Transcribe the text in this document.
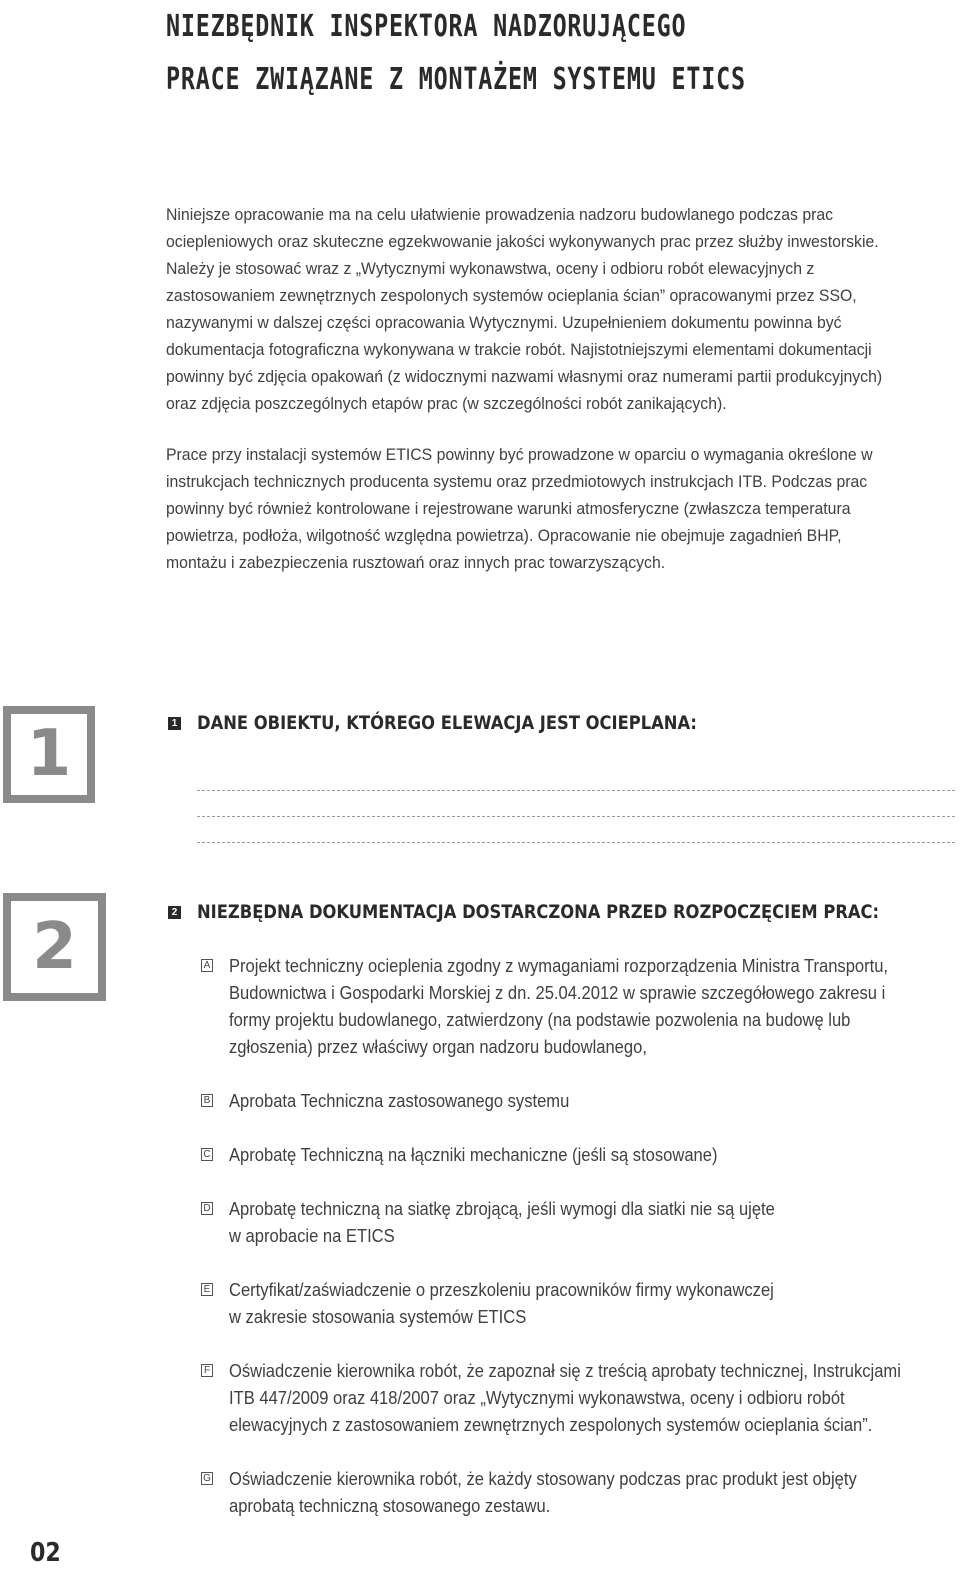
NIEZBĘDNIK INSPEKTORA NADZORUJĄCEGO
PRACE ZWIĄZANE Z MONTAŻEM SYSTEMU ETICS

Niniejsze opracowanie ma na celu ułatwienie prowadzenia nadzoru budowlanego podczas prac ociepleniowych oraz skuteczne egzekwowanie jakości wykonywanych prac przez służby inwestorskie. Należy je stosować wraz z „Wytycznymi wykonawstwa, oceny i odbioru robót elewacyjnych z zastosowaniem zewnętrznych zespolonych systemów ocieplania ścian” opracowanymi przez SSO, nazywanymi w dalszej części opracowania Wytycznymi. Uzupełnieniem dokumentu powinna być dokumentacja fotograficzna wykonywana w trakcie robót. Najistotniejszymi elementami dokumentacji powinny być zdjęcia opakowań (z widocznymi nazwami własnymi oraz numerami partii produkcyjnych) oraz zdjęcia poszczególnych etapów prac (w szczególności robót zanikających).

Prace przy instalacji systemów ETICS powinny być prowadzone w oparciu o wymagania określone w instrukcjach technicznych producenta systemu oraz przedmiotowych instrukcjach ITB. Podczas prac powinny być również kontrolowane i rejestrowane warunki atmosferyczne (zwłaszcza temperatura powietrza, podłoża, wilgotność względna powietrza). Opracowanie nie obejmuje zagadnień BHP, montażu i zabezpieczenia rusztowań oraz innych prac towarzyszących.

1	1 DANE OBIEKTU, KTÓREGO ELEWACJA JEST OCIEPLANA:
2	2 NIEZBĘDNA DOKUMENTACJA DOSTARCZONA PRZED ROZPOCZĘCIEM PRAC:
A Projekt techniczny ocieplenia zgodny z wymaganiami rozporządzenia Ministra Transportu, Budownictwa i Gospodarki Morskiej z dn. 25.04.2012 w sprawie szczegółowego zakresu i formy projektu budowlanego, zatwierdzony (na podstawie pozwolenia na budowę lub zgłoszenia) przez właściwy organ nadzoru budowlanego,

B Aprobata Techniczna zastosowanego systemu

C Aprobatę Techniczną na łączniki mechaniczne (jeśli są stosowane)

D Aprobatę techniczną na siatkę zbrojącą, jeśli wymogi dla siatki nie są ujęte w aprobacie na ETICS

E Certyfikat/zaświadczenie o przeszkoleniu pracowników firmy wykonawczej w zakresie stosowania systemów ETICS

F Oświadczenie kierownika robót, że zapoznał się z treścią aprobaty technicznej, Instrukcjami ITB 447/2009 oraz 418/2007 oraz „Wytycznymi wykonawstwa, oceny i odbioru robót elewacyjnych z zastosowaniem zewnętrznych zespolonych systemów ocieplania ścian”.

G Oświadczenie kierownika robót, że każdy stosowany podczas prac produkt jest objęty aprobatą techniczną stosowanego zestawu.

02
